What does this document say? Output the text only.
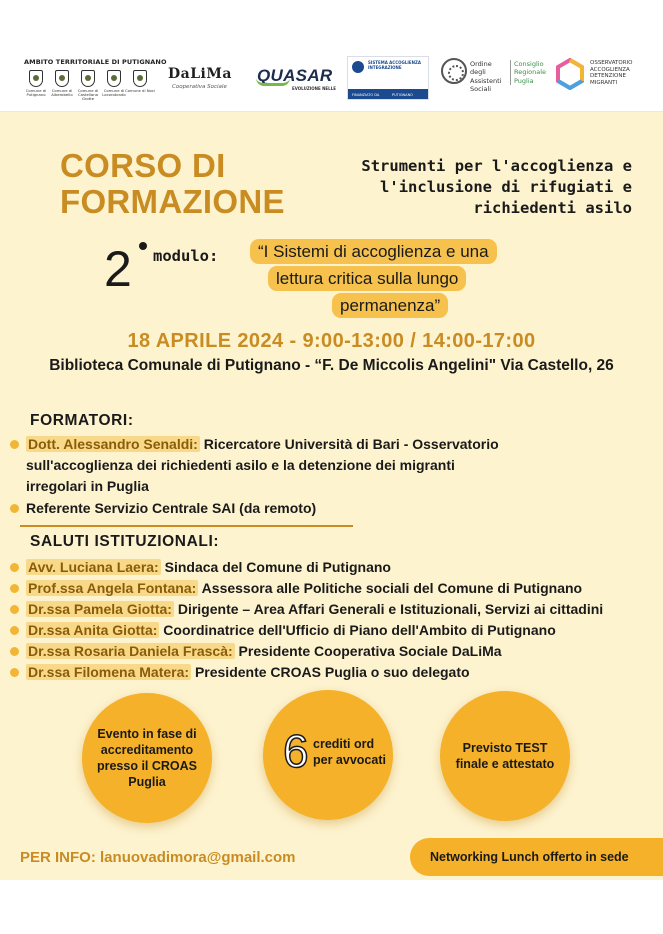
AMBITO TERRITORIALE DI PUTIGNANO
Comune di Putignano
Comune di Alberobello
Comune di Castellana Grotte
Comune di Locorotondo
Comune di Noci
DaLiMa
Cooperativa Sociale
QUASAR
EVOLUZIONE NELLE
SISTEMA ACCOGLIENZA INTEGRAZIONE
FINANZIATO DA	PUTIGNANO
Ordine degli Assistenti Sociali
Consiglio Regionale Puglia
OSSERVATORIO ACCOGLIENZA DETENZIONE MIGRANTI
CORSO DI
FORMAZIONE
Strumenti per l'accoglienza e
l'inclusione di rifugiati e
richiedenti asilo
2 modulo:	“I Sistemi di accoglienza e una
lettura critica sulla lungo
permanenza”
18 APRILE 2024 - 9:00-13:00 / 14:00-17:00
Biblioteca Comunale di Putignano - “F. De Miccolis Angelini" Via Castello, 26
FORMATORI:
Dott. Alessandro Senaldi: Ricercatore Università di Bari - Osservatorio
sull'accoglienza dei richiedenti asilo e la detenzione dei migranti
irregolari in Puglia
Referente Servizio Centrale SAI (da remoto)
SALUTI ISTITUZIONALI:
Avv. Luciana Laera: Sindaca del Comune di Putignano
Prof.ssa Angela Fontana: Assessora alle Politiche sociali del Comune di Putignano
Dr.ssa Pamela Giotta: Dirigente – Area Affari Generali e Istituzionali, Servizi ai cittadini
Dr.ssa Anita Giotta: Coordinatrice dell'Ufficio di Piano dell'Ambito di Putignano
Dr.ssa Rosaria Daniela Frascà: Presidente Cooperativa Sociale DaLiMa
Dr.ssa Filomena Matera: Presidente CROAS Puglia o suo delegato
Evento in fase di accreditamento presso il CROAS Puglia
6 crediti ord
per avvocati
Previsto TEST finale e attestato
PER INFO: lanuovadimora@gmail.com	Networking Lunch offerto in sede
